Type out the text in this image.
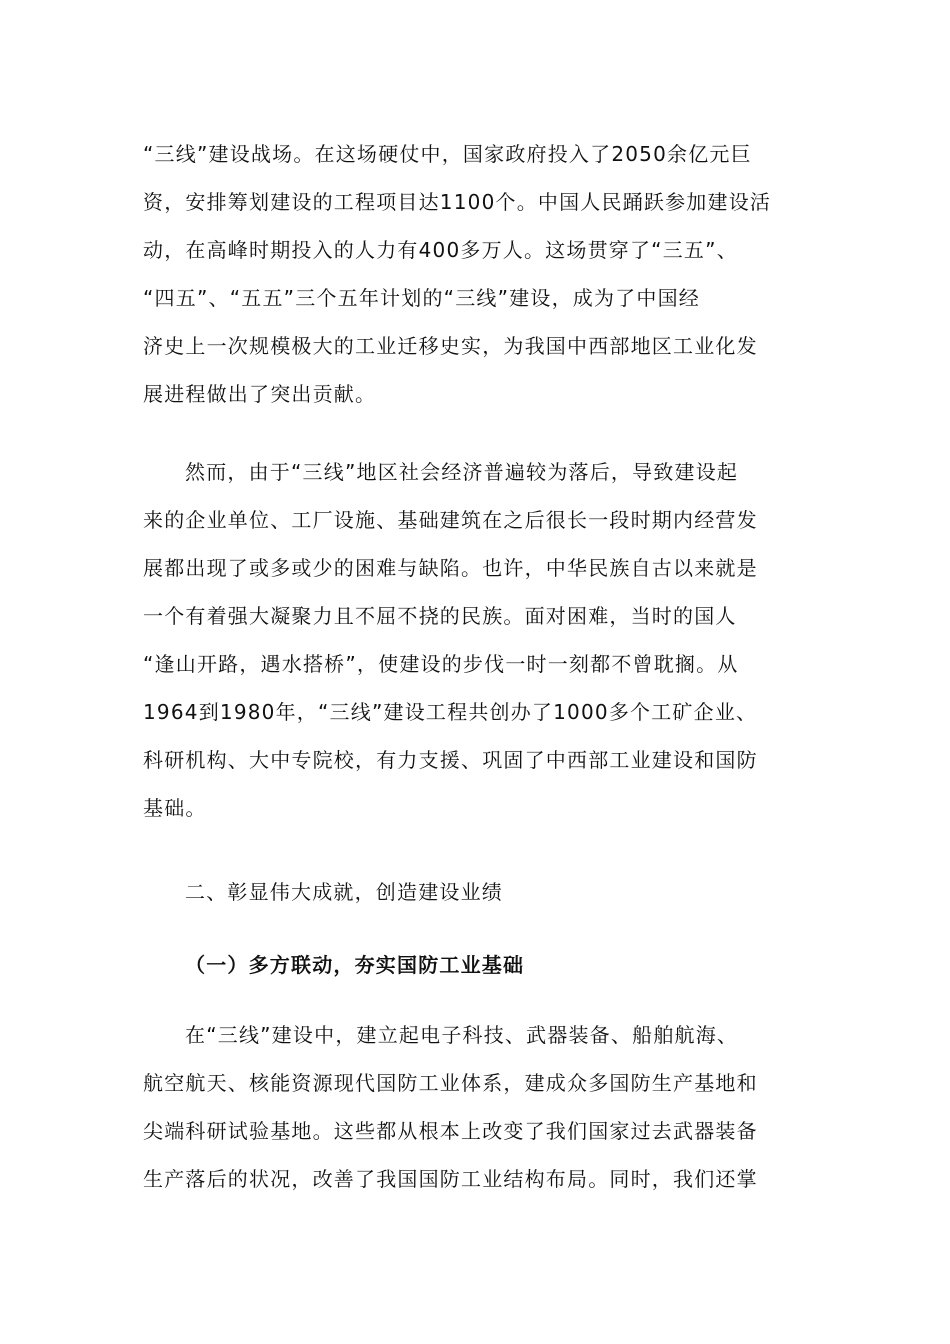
“三线”建设战场。在这场硬仗中，国家政府投入了2050余亿元巨
资，安排筹划建设的工程项目达1100个。中国人民踊跃参加建设活
动，在高峰时期投入的人力有400多万人。这场贯穿了“三五”、
“四五”、“五五”三个五年计划的“三线”建设，成为了中国经
济史上一次规模极大的工业迁移史实，为我国中西部地区工业化发
展进程做出了突出贡献。
然而，由于“三线”地区社会经济普遍较为落后，导致建设起
来的企业单位、工厂设施、基础建筑在之后很长一段时期内经营发
展都出现了或多或少的困难与缺陷。也许，中华民族自古以来就是
一个有着强大凝聚力且不屈不挠的民族。面对困难，当时的国人
“逢山开路，遇水搭桥”，使建设的步伐一时一刻都不曾耽搁。从
1964到1980年，“三线”建设工程共创办了1000多个工矿企业、
科研机构、大中专院校，有力支援、巩固了中西部工业建设和国防
基础。
二、彰显伟大成就，创造建设业绩
（一）多方联动，夯实国防工业基础
在“三线”建设中，建立起电子科技、武器装备、船舶航海、
航空航天、核能资源现代国防工业体系，建成众多国防生产基地和
尖端科研试验基地。这些都从根本上改变了我们国家过去武器装备
生产落后的状况，改善了我国国防工业结构布局。同时，我们还掌
